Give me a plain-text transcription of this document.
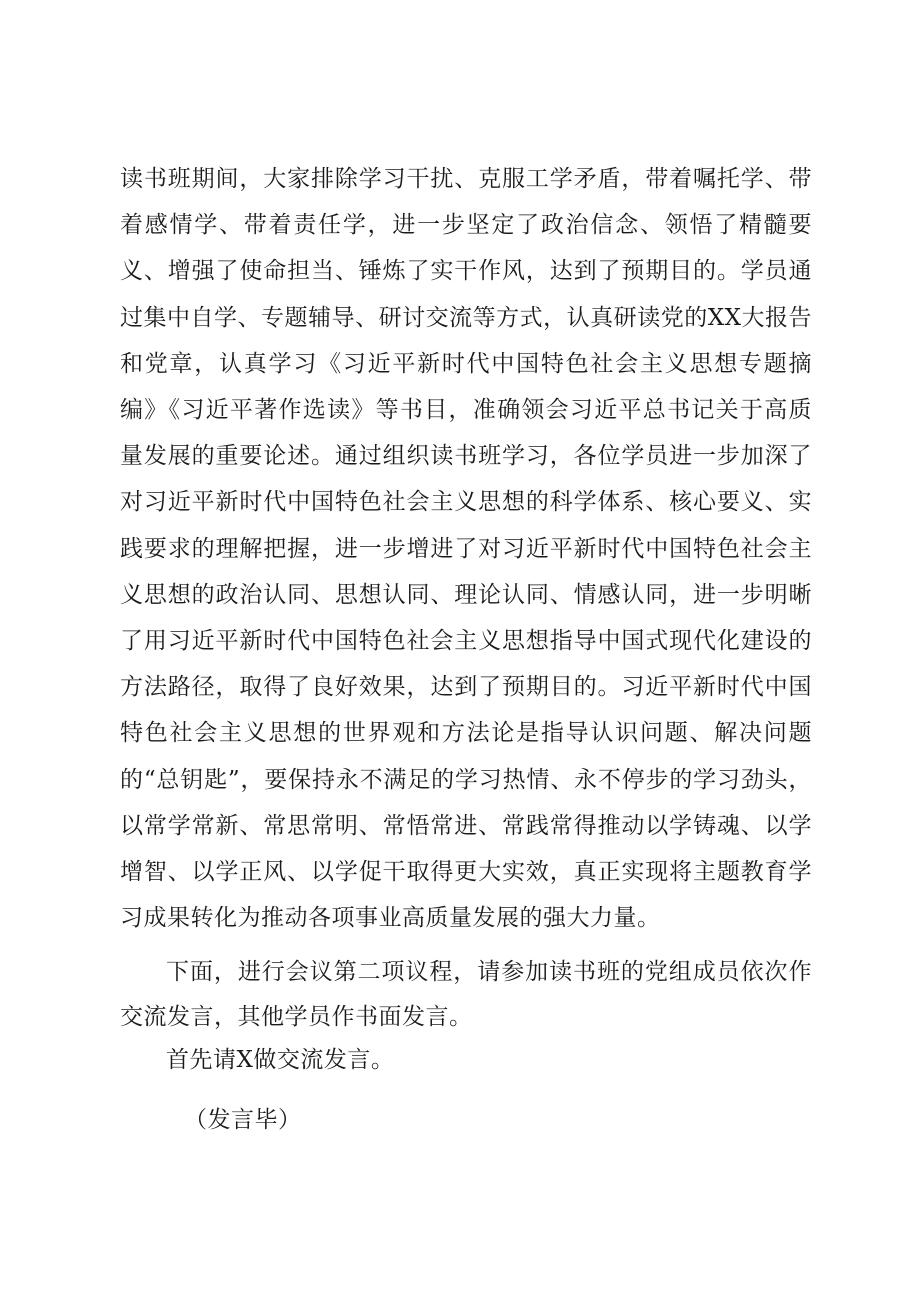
读书班期间，大家排除学习干扰、克服工学矛盾，带着嘱托学、带着感情学、带着责任学，进一步坚定了政治信念、领悟了精髓要义、增强了使命担当、锤炼了实干作风，达到了预期目的。学员通过集中自学、专题辅导、研讨交流等方式，认真研读党的XX大报告和党章，认真学习《习近平新时代中国特色社会主义思想专题摘编》《习近平著作选读》等书目，准确领会习近平总书记关于高质量发展的重要论述。通过组织读书班学习，各位学员进一步加深了对习近平新时代中国特色社会主义思想的科学体系、核心要义、实践要求的理解把握，进一步增进了对习近平新时代中国特色社会主义思想的政治认同、思想认同、理论认同、情感认同，进一步明晰了用习近平新时代中国特色社会主义思想指导中国式现代化建设的方法路径，取得了良好效果，达到了预期目的。习近平新时代中国特色社会主义思想的世界观和方法论是指导认识问题、解决问题的“总钥匙”，要保持永不满足的学习热情、永不停步的学习劲头，以常学常新、常思常明、常悟常进、常践常得推动以学铸魂、以学增智、以学正风、以学促干取得更大实效，真正实现将主题教育学习成果转化为推动各项事业高质量发展的强大力量。

下面，进行会议第二项议程，请参加读书班的党组成员依次作交流发言，其他学员作书面发言。

首先请X做交流发言。

（发言毕）
